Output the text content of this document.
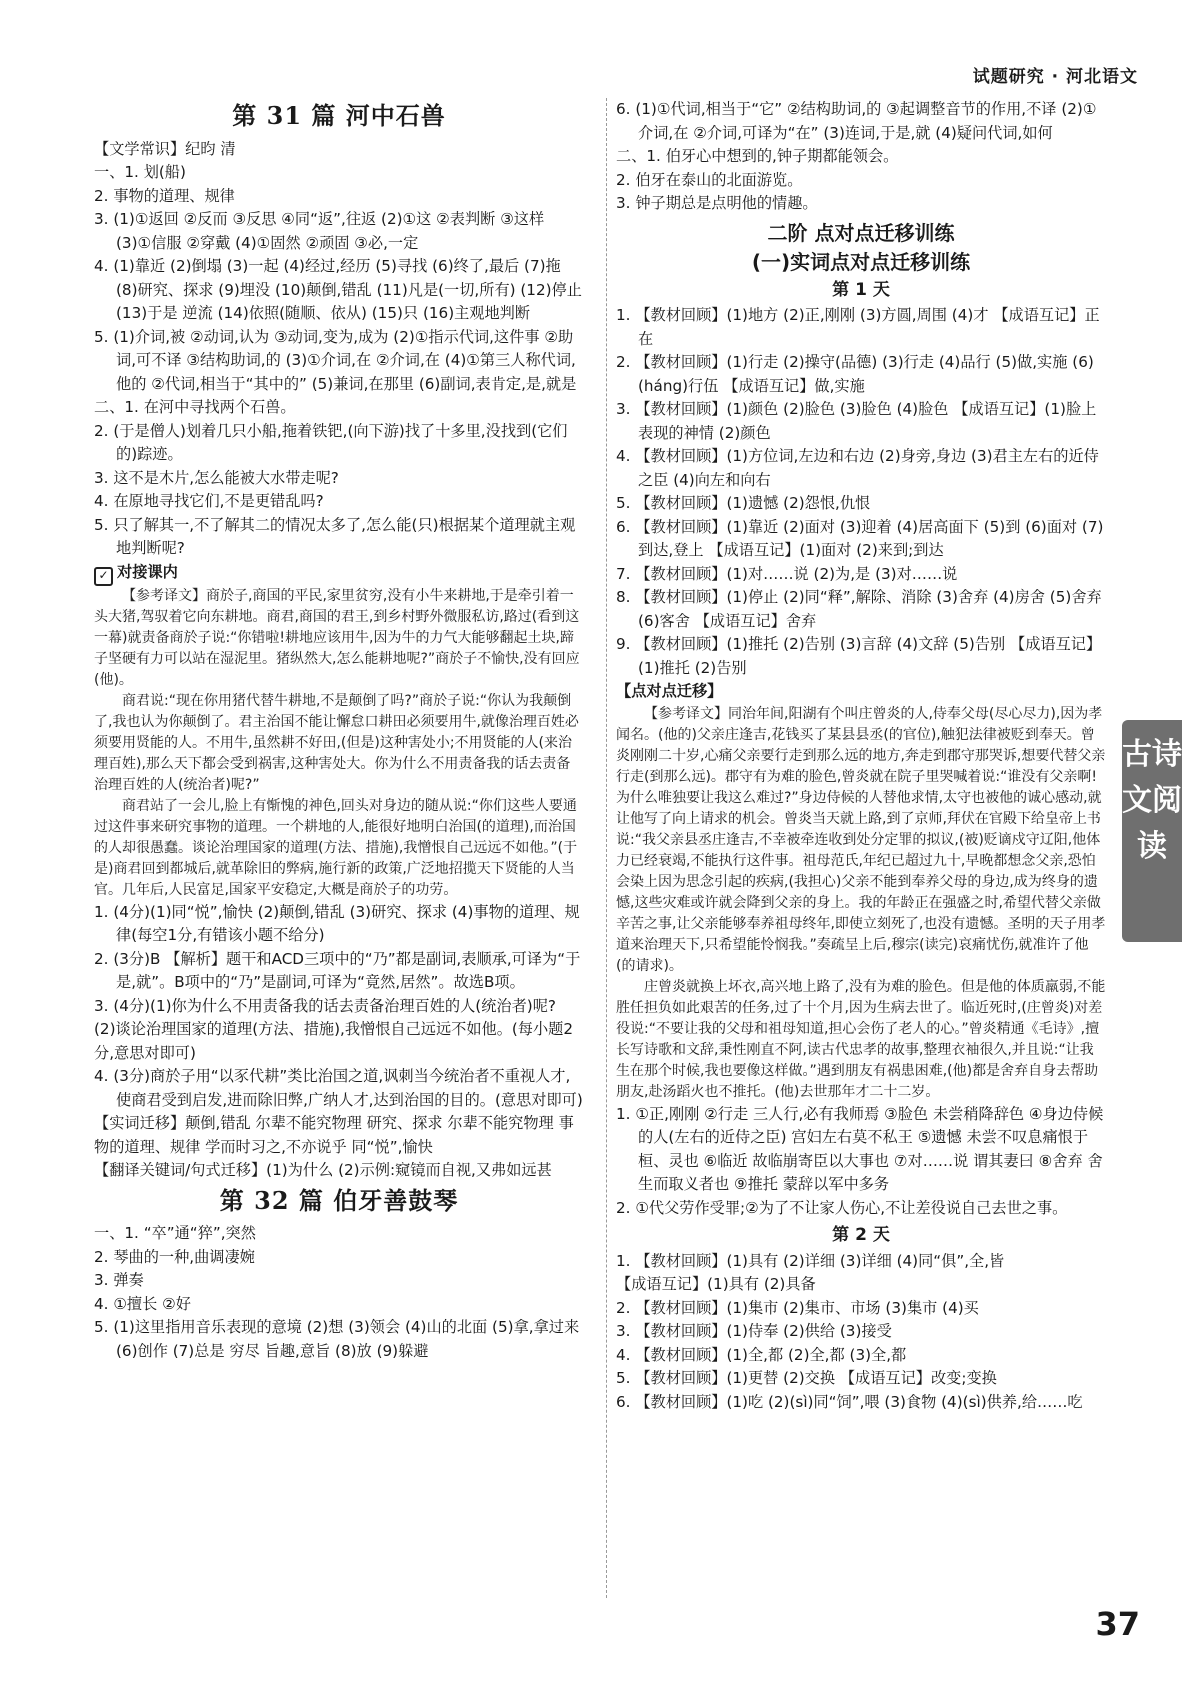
试题研究 · 河北语文
第 31 篇 河中石兽

【文学常识】纪昀 清

一、1. 划(船)

2. 事物的道理、规律

3. (1)①返回 ②反而 ③反思 ④同“返”,往返 (2)①这 ②表判断 ③这样 (3)①信服 ②穿戴 (4)①固然 ②顽固 ③必,一定

4. (1)靠近 (2)倒塌 (3)一起 (4)经过,经历 (5)寻找 (6)终了,最后 (7)拖 (8)研究、探求 (9)埋没 (10)颠倒,错乱 (11)凡是(一切,所有) (12)停止 (13)于是 逆流 (14)依照(随顺、依从) (15)只 (16)主观地判断

5. (1)介词,被 ②动词,认为 ③动词,变为,成为 (2)①指示代词,这件事 ②助词,可不译 ③结构助词,的 (3)①介词,在 ②介词,在 (4)①第三人称代词,他的 ②代词,相当于“其中的” (5)兼词,在那里 (6)副词,表肯定,是,就是

二、1. 在河中寻找两个石兽。

2. (于是僧人)划着几只小船,拖着铁钯,(向下游)找了十多里,没找到(它们的)踪迹。

3. 这不是木片,怎么能被大水带走呢?

4. 在原地寻找它们,不是更错乱吗?

5. 只了解其一,不了解其二的情况太多了,怎么能(只)根据某个道理就主观地判断呢?

✓ 对接课内

【参考译文】商於子,商国的平民,家里贫穷,没有小牛来耕地,于是牵引着一头大猪,驾驭着它向东耕地。商君,商国的君王,到乡村野外微服私访,路过(看到这一幕)就责备商於子说:“你错啦!耕地应该用牛,因为牛的力气大能够翻起土块,蹄子坚硬有力可以站在湿泥里。猪纵然大,怎么能耕地呢?”商於子不愉快,没有回应(他)。

商君说:“现在你用猪代替牛耕地,不是颠倒了吗?”商於子说:“你认为我颠倒了,我也认为你颠倒了。君主治国不能让懈怠口耕田必须要用牛,就像治理百姓必须要用贤能的人。不用牛,虽然耕不好田,(但是)这种害处小;不用贤能的人(来治理百姓),那么天下都会受到祸害,这种害处大。你为什么不用责备我的话去责备治理百姓的人(统治者)呢?”

商君站了一会儿,脸上有惭愧的神色,回头对身边的随从说:“你们这些人要通过这件事来研究事物的道理。一个耕地的人,能很好地明白治国(的道理),而治国的人却很愚蠢。谈论治理国家的道理(方法、措施),我憎恨自己远远不如他。”(于是)商君回到都城后,就革除旧的弊病,施行新的政策,广泛地招揽天下贤能的人当官。几年后,人民富足,国家平安稳定,大概是商於子的功劳。

1. (4分)(1)同“悦”,愉快 (2)颠倒,错乱 (3)研究、探求 (4)事物的道理、规律(每空1分,有错该小题不给分)

2. (3分)B 【解析】题干和ACD三项中的“乃”都是副词,表顺承,可译为“于是,就”。B项中的“乃”是副词,可译为“竟然,居然”。故选B项。

3. (4分)(1)你为什么不用责备我的话去责备治理百姓的人(统治者)呢?

(2)谈论治理国家的道理(方法、措施),我憎恨自己远远不如他。(每小题2分,意思对即可)

4. (3分)商於子用“以豕代耕”类比治国之道,讽刺当今统治者不重视人才,使商君受到启发,进而除旧弊,广纳人才,达到治国的目的。(意思对即可)

【实词迁移】颠倒,错乱 尔辈不能究物理 研究、探求 尔辈不能究物理 事物的道理、规律 学而时习之,不亦说乎 同“悦”,愉快

【翻译关键词/句式迁移】(1)为什么 (2)示例:窥镜而自视,又弗如远甚

第 32 篇 伯牙善鼓琴

一、1. “卒”通“猝”,突然

2. 琴曲的一种,曲调凄婉

3. 弹奏

4. ①擅长 ②好

5. (1)这里指用音乐表现的意境 (2)想 (3)领会 (4)山的北面 (5)拿,拿过来 (6)创作 (7)总是 穷尽 旨趣,意旨 (8)放 (9)躲避

6. (1)①代词,相当于“它” ②结构助词,的 ③起调整音节的作用,不译 (2)①介词,在 ②介词,可译为“在” (3)连词,于是,就 (4)疑问代词,如何

二、1. 伯牙心中想到的,钟子期都能领会。

2. 伯牙在泰山的北面游览。

3. 钟子期总是点明他的情趣。

二阶 点对点迁移训练
(一)实词点对点迁移训练
第 1 天

1. 【教材回顾】(1)地方 (2)正,刚刚 (3)方圆,周围 (4)才 【成语互记】正在

2. 【教材回顾】(1)行走 (2)操守(品德) (3)行走 (4)品行 (5)做,实施 (6)(háng)行伍 【成语互记】做,实施

3. 【教材回顾】(1)颜色 (2)脸色 (3)脸色 (4)脸色 【成语互记】(1)脸上表现的神情 (2)颜色

4. 【教材回顾】(1)方位词,左边和右边 (2)身旁,身边 (3)君主左右的近侍之臣 (4)向左和向右

5. 【教材回顾】(1)遗憾 (2)怨恨,仇恨

6. 【教材回顾】(1)靠近 (2)面对 (3)迎着 (4)居高面下 (5)到 (6)面对 (7)到达,登上 【成语互记】(1)面对 (2)来到;到达

7. 【教材回顾】(1)对……说 (2)为,是 (3)对……说

8. 【教材回顾】(1)停止 (2)同“释”,解除、消除 (3)舍弃 (4)房舍 (5)舍弃 (6)客舍 【成语互记】舍弃

9. 【教材回顾】(1)推托 (2)告别 (3)言辞 (4)文辞 (5)告别 【成语互记】(1)推托 (2)告别

【点对点迁移】

【参考译文】同治年间,阳湖有个叫庄曾炎的人,侍奉父母(尽心尽力),因为孝闻名。(他的)父亲庄逢吉,花钱买了某县县丞(的官位),触犯法律被贬到奉天。曾炎刚刚二十岁,心痛父亲要行走到那么远的地方,奔走到郡守那哭诉,想要代替父亲行走(到那么远)。郡守有为难的脸色,曾炎就在院子里哭喊着说:“谁没有父亲啊!为什么唯独要让我这么难过?”身边侍候的人替他求情,太守也被他的诚心感动,就让他写了向上请求的机会。曾炎当天就上路,到了京师,拜伏在官殿下给皇帝上书说:“我父亲县丞庄逢吉,不幸被牵连收到处分定罪的拟议,(被)贬谪戍守辽阳,他体力已经衰竭,不能执行这件事。祖母范氏,年纪已超过九十,早晚都想念父亲,恐怕会染上因为思念引起的疾病,(我担心)父亲不能到奉养父母的身边,成为终身的遗憾,这些灾难或许就会降到父亲的身上。我的年龄正在强盛之时,希望代替父亲做辛苦之事,让父亲能够奉养祖母终年,即使立刻死了,也没有遗憾。圣明的天子用孝道来治理天下,只希望能怜悯我。”奏疏呈上后,穆宗(读完)哀痛忧伤,就准许了他(的请求)。

庄曾炎就换上坏衣,高兴地上路了,没有为难的脸色。但是他的体质羸弱,不能胜任担负如此艰苦的任务,过了十个月,因为生病去世了。临近死时,(庄曾炎)对差役说:“不要让我的父母和祖母知道,担心会伤了老人的心。”曾炎精通《毛诗》,擅长写诗歌和文辞,秉性刚直不阿,读古代忠孝的故事,整理衣袖很久,并且说:“让我生在那个时候,我也要像这样做。”遇到朋友有祸患困难,(他)都是舍弃自身去帮助朋友,赴汤蹈火也不推托。(他)去世那年才二十二岁。

1. ①正,刚刚 ②行走 三人行,必有我师焉 ③脸色 未尝稍降辞色 ④身边侍候的人(左右的近侍之臣) 宫妇左右莫不私王 ⑤遗憾 未尝不叹息痛恨于桓、灵也 ⑥临近 故临崩寄臣以大事也 ⑦对……说 谓其妻曰 ⑧舍弃 舍生而取义者也 ⑨推托 蒙辞以军中多务

2. ①代父劳作受罪;②为了不让家人伤心,不让差役说自己去世之事。

第 2 天

1. 【教材回顾】(1)具有 (2)详细 (3)详细 (4)同“俱”,全,皆

【成语互记】(1)具有 (2)具备

2. 【教材回顾】(1)集市 (2)集市、市场 (3)集市 (4)买

3. 【教材回顾】(1)侍奉 (2)供给 (3)接受

4. 【教材回顾】(1)全,都 (2)全,都 (3)全,都

5. 【教材回顾】(1)更替 (2)交换 【成语互记】改变;变换

6. 【教材回顾】(1)吃 (2)(sì)同“饲”,喂 (3)食物 (4)(sì)供养,给……吃

古诗文阅读
37
